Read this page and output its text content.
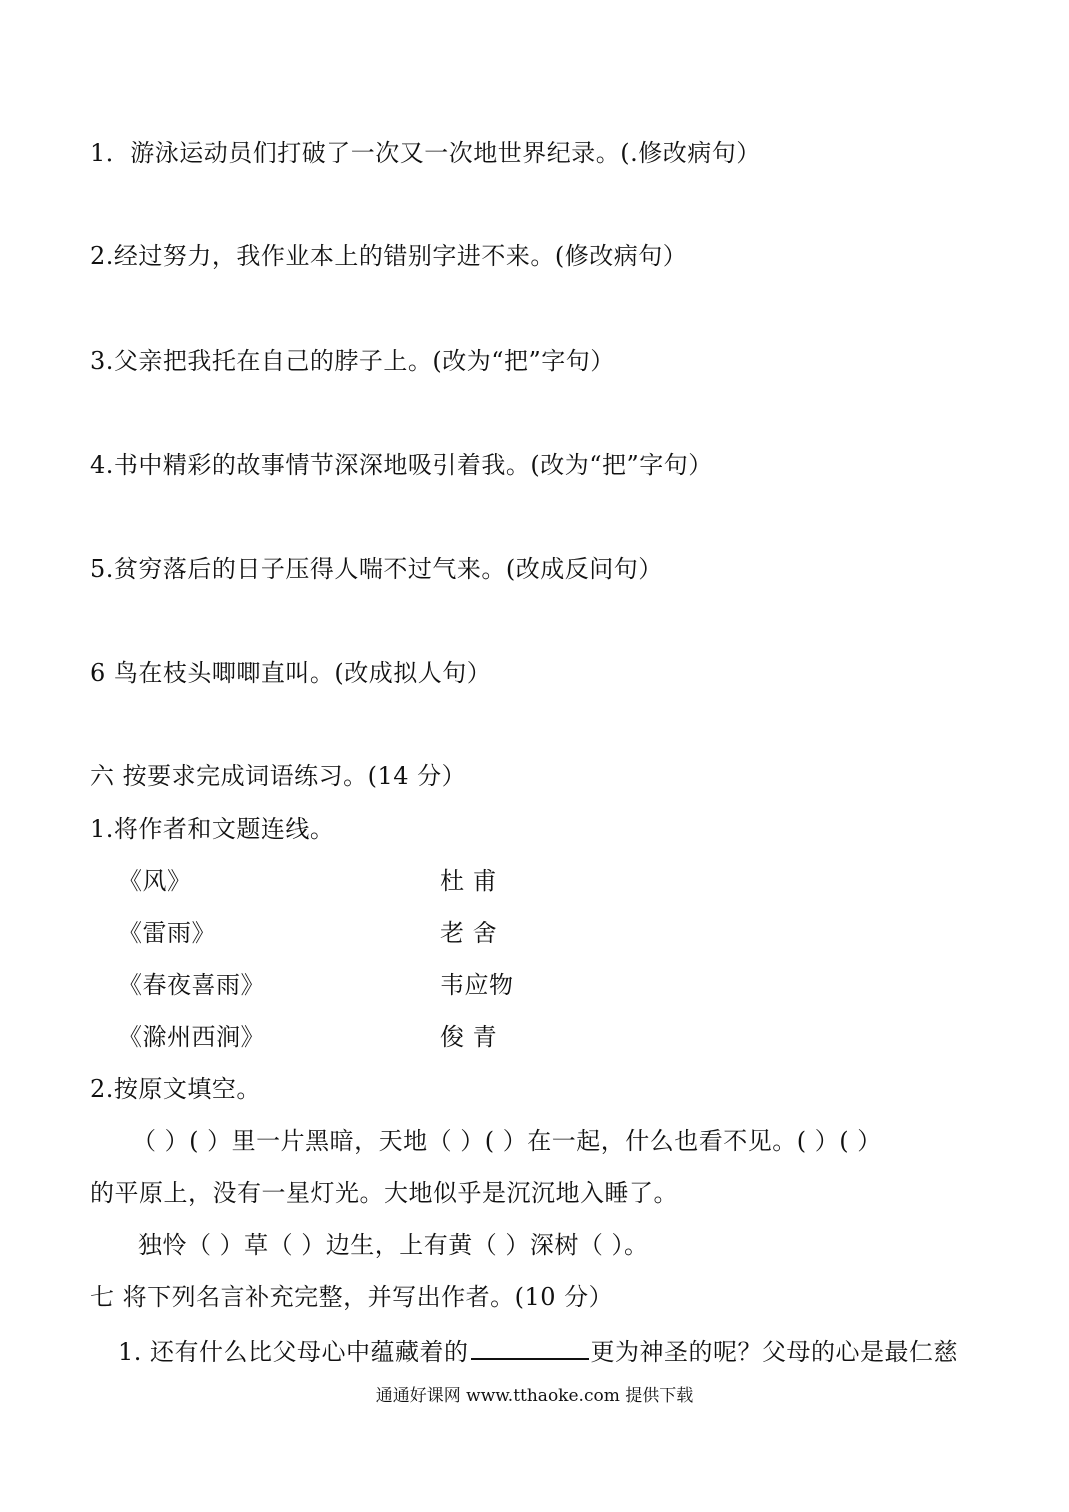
1．游泳运动员们打破了一次又一次地世界纪录。(.修改病句）
2.经过努力，我作业本上的错别字进不来。(修改病句）
3.父亲把我托在自己的脖子上。(改为“把”字句）
4.书中精彩的故事情节深深地吸引着我。(改为“把”字句）
5.贫穷落后的日子压得人喘不过气来。(改成反问句）
6 鸟在枝头唧唧直叫。(改成拟人句）
六 按要求完成词语练习。(14 分）
1.将作者和文题连线。
《风》	杜 甫
《雷雨》	老 舍
《春夜喜雨》	韦应物
《滁州西涧》	俊 青
2.按原文填空。
（ ）( ）里一片黑暗，天地（ ）( ）在一起，什么也看不见。( ）( ）
的平原上，没有一星灯光。大地似乎是沉沉地入睡了。
独怜（ ）草（ ）边生，上有黄（ ）深树（ ）。
七 将下列名言补充完整，并写出作者。(10 分）
1. 还有什么比父母心中蕴藏着的	更为神圣的呢？父母的心是最仁慈
通通好课网 www.tthaoke.com 提供下载
